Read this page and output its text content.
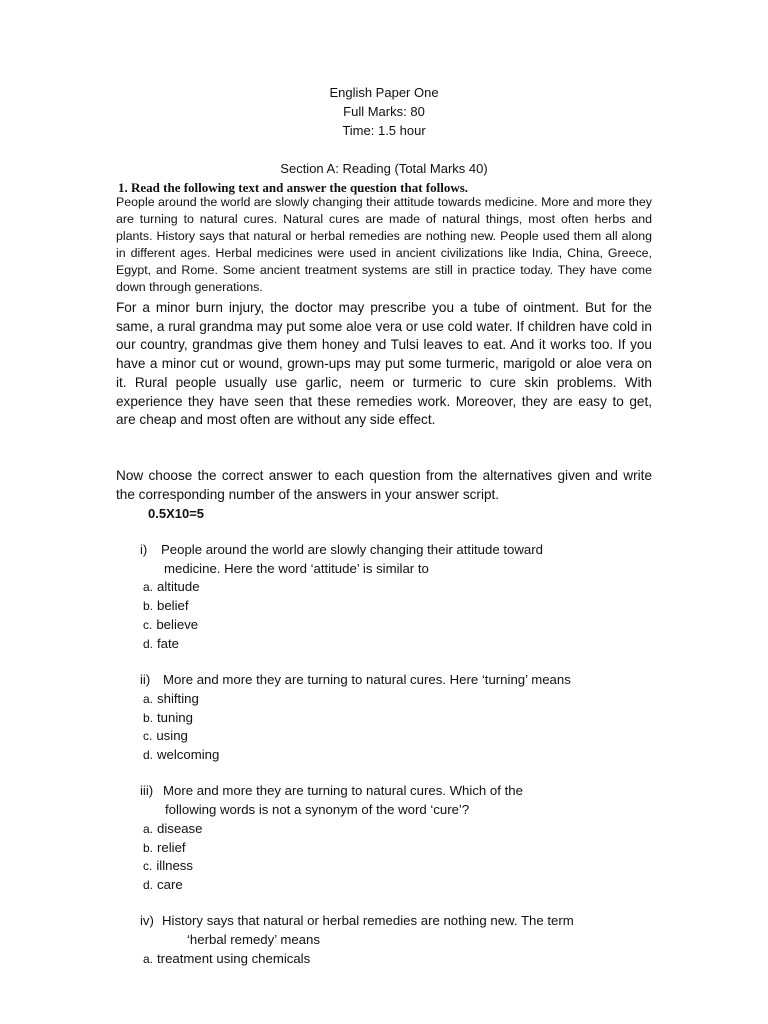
English Paper One
Full Marks: 80
Time: 1.5 hour
Section A: Reading (Total Marks 40)
1. Read the following text and answer the question that follows.
People around the world are slowly changing their attitude towards medicine. More and more they are turning to natural cures. Natural cures are made of natural things, most often herbs and plants. History says that natural or herbal remedies are nothing new. People used them all along in different ages. Herbal medicines were used in ancient civilizations like India, China, Greece, Egypt, and Rome. Some ancient treatment systems are still in practice today. They have come down through generations.
For a minor burn injury, the doctor may prescribe you a tube of ointment. But for the same, a rural grandma may put some aloe vera or use cold water. If children have cold in our country, grandmas give them honey and Tulsi leaves to eat. And it works too. If you have a minor cut or wound, grown-ups may put some turmeric, marigold or aloe vera on it. Rural people usually use garlic, neem or turmeric to cure skin problems. With experience they have seen that these remedies work. Moreover, they are easy to get, are cheap and most often are without any side effect.
Now choose the correct answer to each question from the alternatives given and write the corresponding number of the answers in your answer script.
0.5X10=5
i) People around the world are slowly changing their attitude toward
medicine. Here the word ‘attitude’ is similar to
a. altitude
b. belief
c. believe
d. fate
ii) More and more they are turning to natural cures. Here ‘turning’ means
a. shifting
b. tuning
c. using
d. welcoming
iii) More and more they are turning to natural cures. Which of the
following words is not a synonym of the word ‘cure’?
a. disease
b. relief
c. illness
d. care
iv) History says that natural or herbal remedies are nothing new. The term
‘herbal remedy’ means
a. treatment using chemicals
